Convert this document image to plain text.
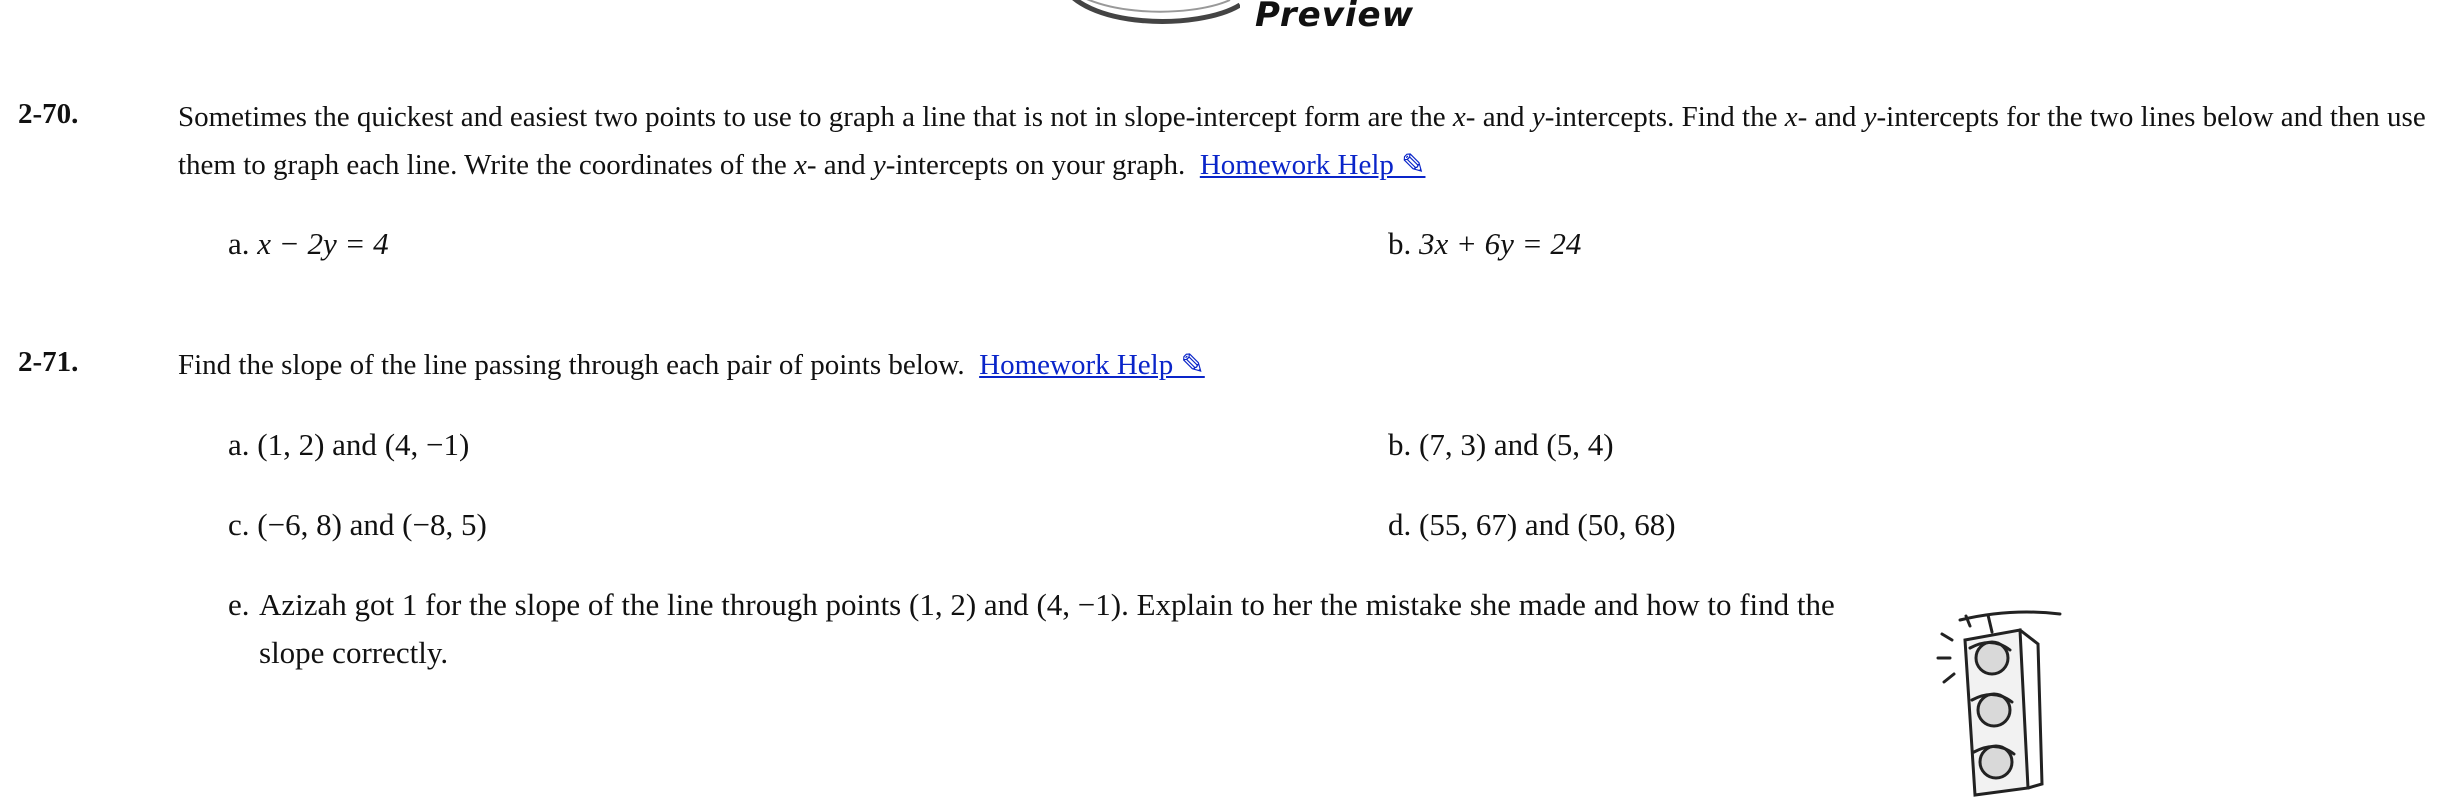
Preview
2-70.	Sometimes the quickest and easiest two points to use to graph a line that is not in slope-intercept form are the x- and y-intercepts. Find the x- and y-intercepts for the two lines below and then use them to graph each line. Write the coordinates of the x- and y-intercepts on your graph. Homework Help ✎
a. x − 2y = 4	b. 3x + 6y = 24
2-71.	Find the slope of the line passing through each pair of points below. Homework Help ✎
a. (1, 2) and (4, −1)	b. (7, 3) and (5, 4)
c. (−6, 8) and (−8, 5)	d. (55, 67) and (50, 68)
e. Azizah got 1 for the slope of the line through points (1, 2) and (4, −1). Explain to her the mistake she made and how to find the slope correctly.
